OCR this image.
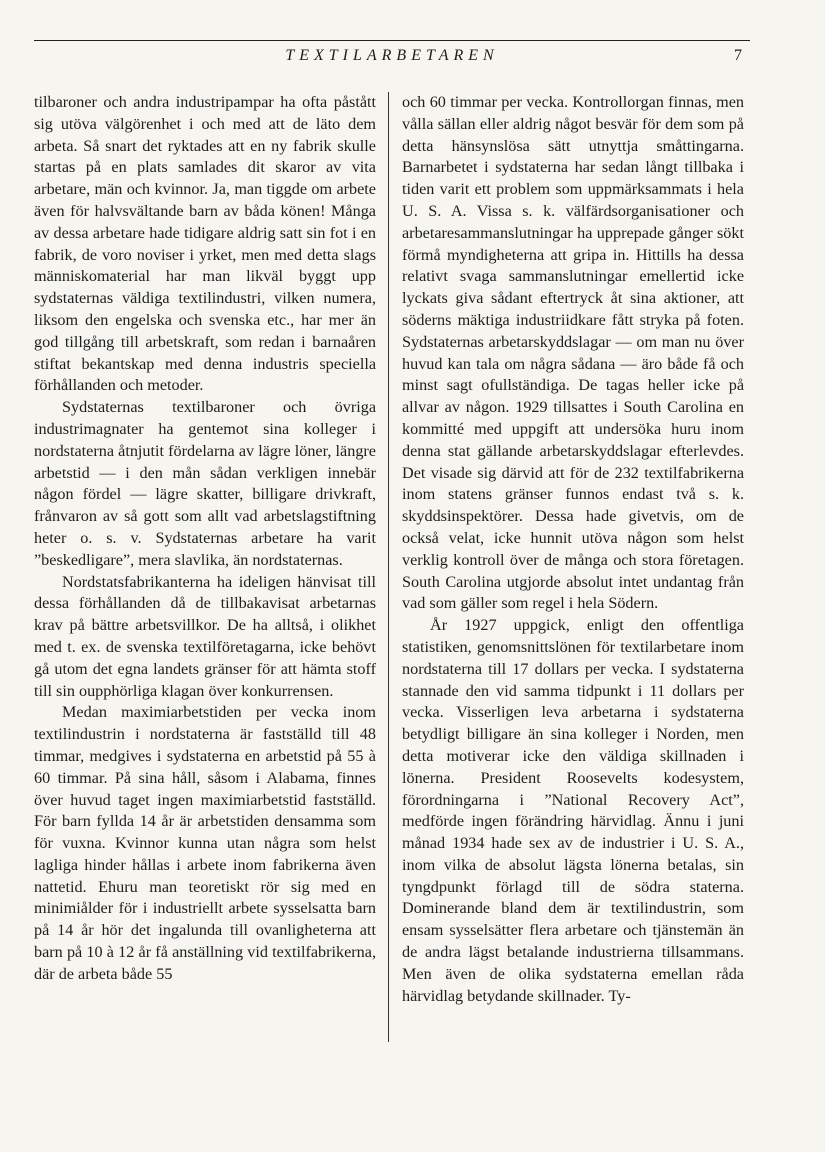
TEXTILARBETAREN	7

tilbaroner och andra industripampar ha ofta påstått sig utöva välgörenhet i och med att de läto dem arbeta. Så snart det ryktades att en ny fabrik skulle startas på en plats samlades dit skaror av vita arbetare, män och kvinnor. Ja, man tiggde om arbete även för halvsvältande barn av båda könen! Många av dessa arbetare hade tidigare aldrig satt sin fot i en fabrik, de voro noviser i yrket, men med detta slags människomaterial har man likväl byggt upp sydstaternas väldiga textilindustri, vilken numera, liksom den engelska och svenska etc., har mer än god tillgång till arbetskraft, som redan i barnaåren stiftat bekantskap med denna industris speciella förhållanden och metoder.

Sydstaternas textilbaroner och övriga industrimagnater ha gentemot sina kolleger i nordstaterna åtnjutit fördelarna av lägre löner, längre arbetstid — i den mån sådan verkligen innebär någon fördel — lägre skatter, billigare drivkraft, frånvaron av så gott som allt vad arbetslagstiftning heter o. s. v. Sydstaternas arbetare ha varit ”beskedligare”, mera slavlika, än nordstaternas.

Nordstatsfabrikanterna ha ideligen hänvisat till dessa förhållanden då de tillbakavisat arbetarnas krav på bättre arbetsvillkor. De ha alltså, i olikhet med t. ex. de svenska textilföretagarna, icke behövt gå utom det egna landets gränser för att hämta stoff till sin oupphörliga klagan över konkurrensen.

Medan maximiarbetstiden per vecka inom textilindustrin i nordstaterna är fastställd till 48 timmar, medgives i sydstaterna en arbetstid på 55 à 60 timmar. På sina håll, såsom i Alabama, finnes över huvud taget ingen maximiarbetstid fastställd. För barn fyllda 14 år är arbetstiden densamma som för vuxna. Kvinnor kunna utan några som helst lagliga hinder hållas i arbete inom fabrikerna även nattetid. Ehuru man teoretiskt rör sig med en minimiålder för i industriellt arbete sysselsatta barn på 14 år hör det ingalunda till ovanligheterna att barn på 10 à 12 år få anställning vid textilfabrikerna, där de arbeta både 55

och 60 timmar per vecka. Kontrollorgan finnas, men vålla sällan eller aldrig något besvär för dem som på detta hänsynslösa sätt utnyttja småttingarna. Barnarbetet i sydstaterna har sedan långt tillbaka i tiden varit ett problem som uppmärksammats i hela U. S. A. Vissa s. k. välfärdsorganisationer och arbetaresammanslutningar ha upprepade gånger sökt förmå myndigheterna att gripa in. Hittills ha dessa relativt svaga sammanslutningar emellertid icke lyckats giva sådant eftertryck åt sina aktioner, att söderns mäktiga industriidkare fått stryka på foten. Sydstaternas arbetarskyddslagar — om man nu över huvud kan tala om några sådana — äro både få och minst sagt ofullständiga. De tagas heller icke på allvar av någon. 1929 tillsattes i South Carolina en kommitté med uppgift att undersöka huru inom denna stat gällande arbetarskyddslagar efterlevdes. Det visade sig därvid att för de 232 textilfabrikerna inom statens gränser funnos endast två s. k. skyddsinspektörer. Dessa hade givetvis, om de också velat, icke hunnit utöva någon som helst verklig kontroll över de många och stora företagen. South Carolina utgjorde absolut intet undantag från vad som gäller som regel i hela Södern.

År 1927 uppgick, enligt den offentliga statistiken, genomsnittslönen för textilarbetare inom nordstaterna till 17 dollars per vecka. I sydstaterna stannade den vid samma tidpunkt i 11 dollars per vecka. Visserligen leva arbetarna i sydstaterna betydligt billigare än sina kolleger i Norden, men detta motiverar icke den väldiga skillnaden i lönerna. President Roosevelts kodesystem, förordningarna i ”National Recovery Act”, medförde ingen förändring härvidlag. Ännu i juni månad 1934 hade sex av de industrier i U. S. A., inom vilka de absolut lägsta lönerna betalas, sin tyngdpunkt förlagd till de södra staterna. Dominerande bland dem är textilindustrin, som ensam sysselsätter flera arbetare och tjänstemän än de andra lägst betalande industrierna tillsammans. Men även de olika sydstaterna emellan råda härvidlag betydande skillnader. Ty-
